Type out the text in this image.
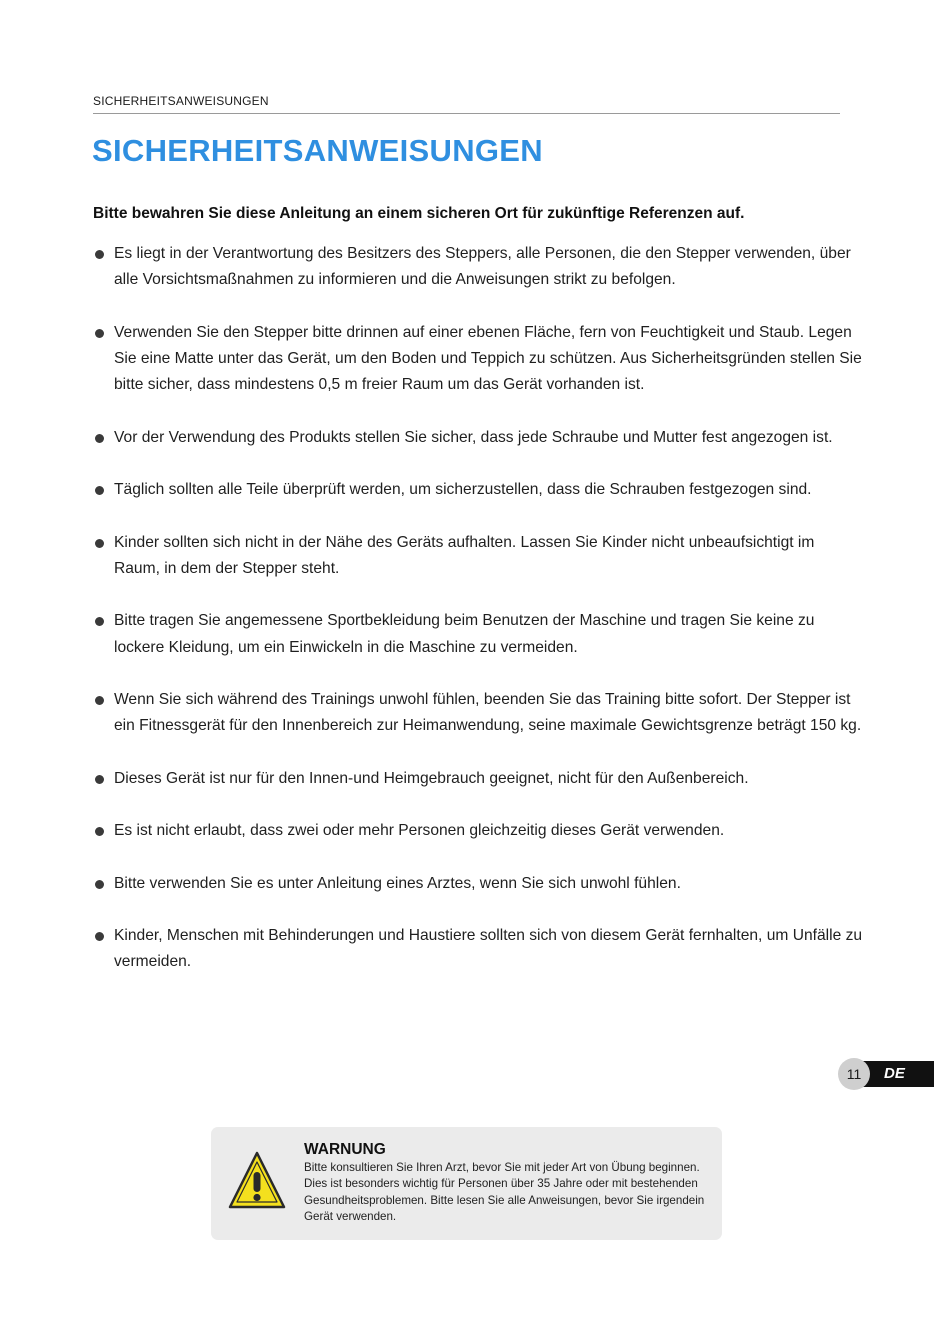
SICHERHEITSANWEISUNGEN
SICHERHEITSANWEISUNGEN

Bitte bewahren Sie diese Anleitung an einem sicheren Ort für zukünftige Referenzen auf.

Es liegt in der Verantwortung des Besitzers des Steppers, alle Personen, die den Stepper verwenden, über alle Vorsichtsmaßnahmen zu informieren und die Anweisungen strikt zu befolgen.
Verwenden Sie den Stepper bitte drinnen auf einer ebenen Fläche, fern von Feuchtigkeit und Staub. Legen Sie eine Matte unter das Gerät, um den Boden und Teppich zu schützen. Aus Sicherheitsgründen stellen Sie bitte sicher, dass mindestens 0,5 m freier Raum um das Gerät vorhanden ist.
Vor der Verwendung des Produkts stellen Sie sicher, dass jede Schraube und Mutter fest angezogen ist.
Täglich sollten alle Teile überprüft werden, um sicherzustellen, dass die Schrauben festgezogen sind.
Kinder sollten sich nicht in der Nähe des Geräts aufhalten. Lassen Sie Kinder nicht unbeaufsichtigt im Raum, in dem der Stepper steht.
Bitte tragen Sie angemessene Sportbekleidung beim Benutzen der Maschine und tragen Sie keine zu lockere Kleidung, um ein Einwickeln in die Maschine zu vermeiden.
Wenn Sie sich während des Trainings unwohl fühlen, beenden Sie das Training bitte sofort. Der Stepper ist ein Fitnessgerät für den Innenbereich zur Heimanwendung, seine maximale Gewichtsgrenze beträgt 150 kg.
Dieses Gerät ist nur für den Innen-und Heimgebrauch geeignet, nicht für den Außenbereich.
Es ist nicht erlaubt, dass zwei oder mehr Personen gleichzeitig dieses Gerät verwenden.
Bitte verwenden Sie es unter Anleitung eines Arztes, wenn Sie sich unwohl fühlen.
Kinder, Menschen mit Behinderungen und Haustiere sollten sich von diesem Gerät fernhalten, um Unfälle zu vermeiden.
DE
11
WARNUNG
Bitte konsultieren Sie Ihren Arzt, bevor Sie mit jeder Art von Übung beginnen. Dies ist besonders wichtig für Personen über 35 Jahre oder mit bestehenden Gesundheitsproblemen. Bitte lesen Sie alle Anweisungen, bevor Sie irgendein Gerät verwenden.
